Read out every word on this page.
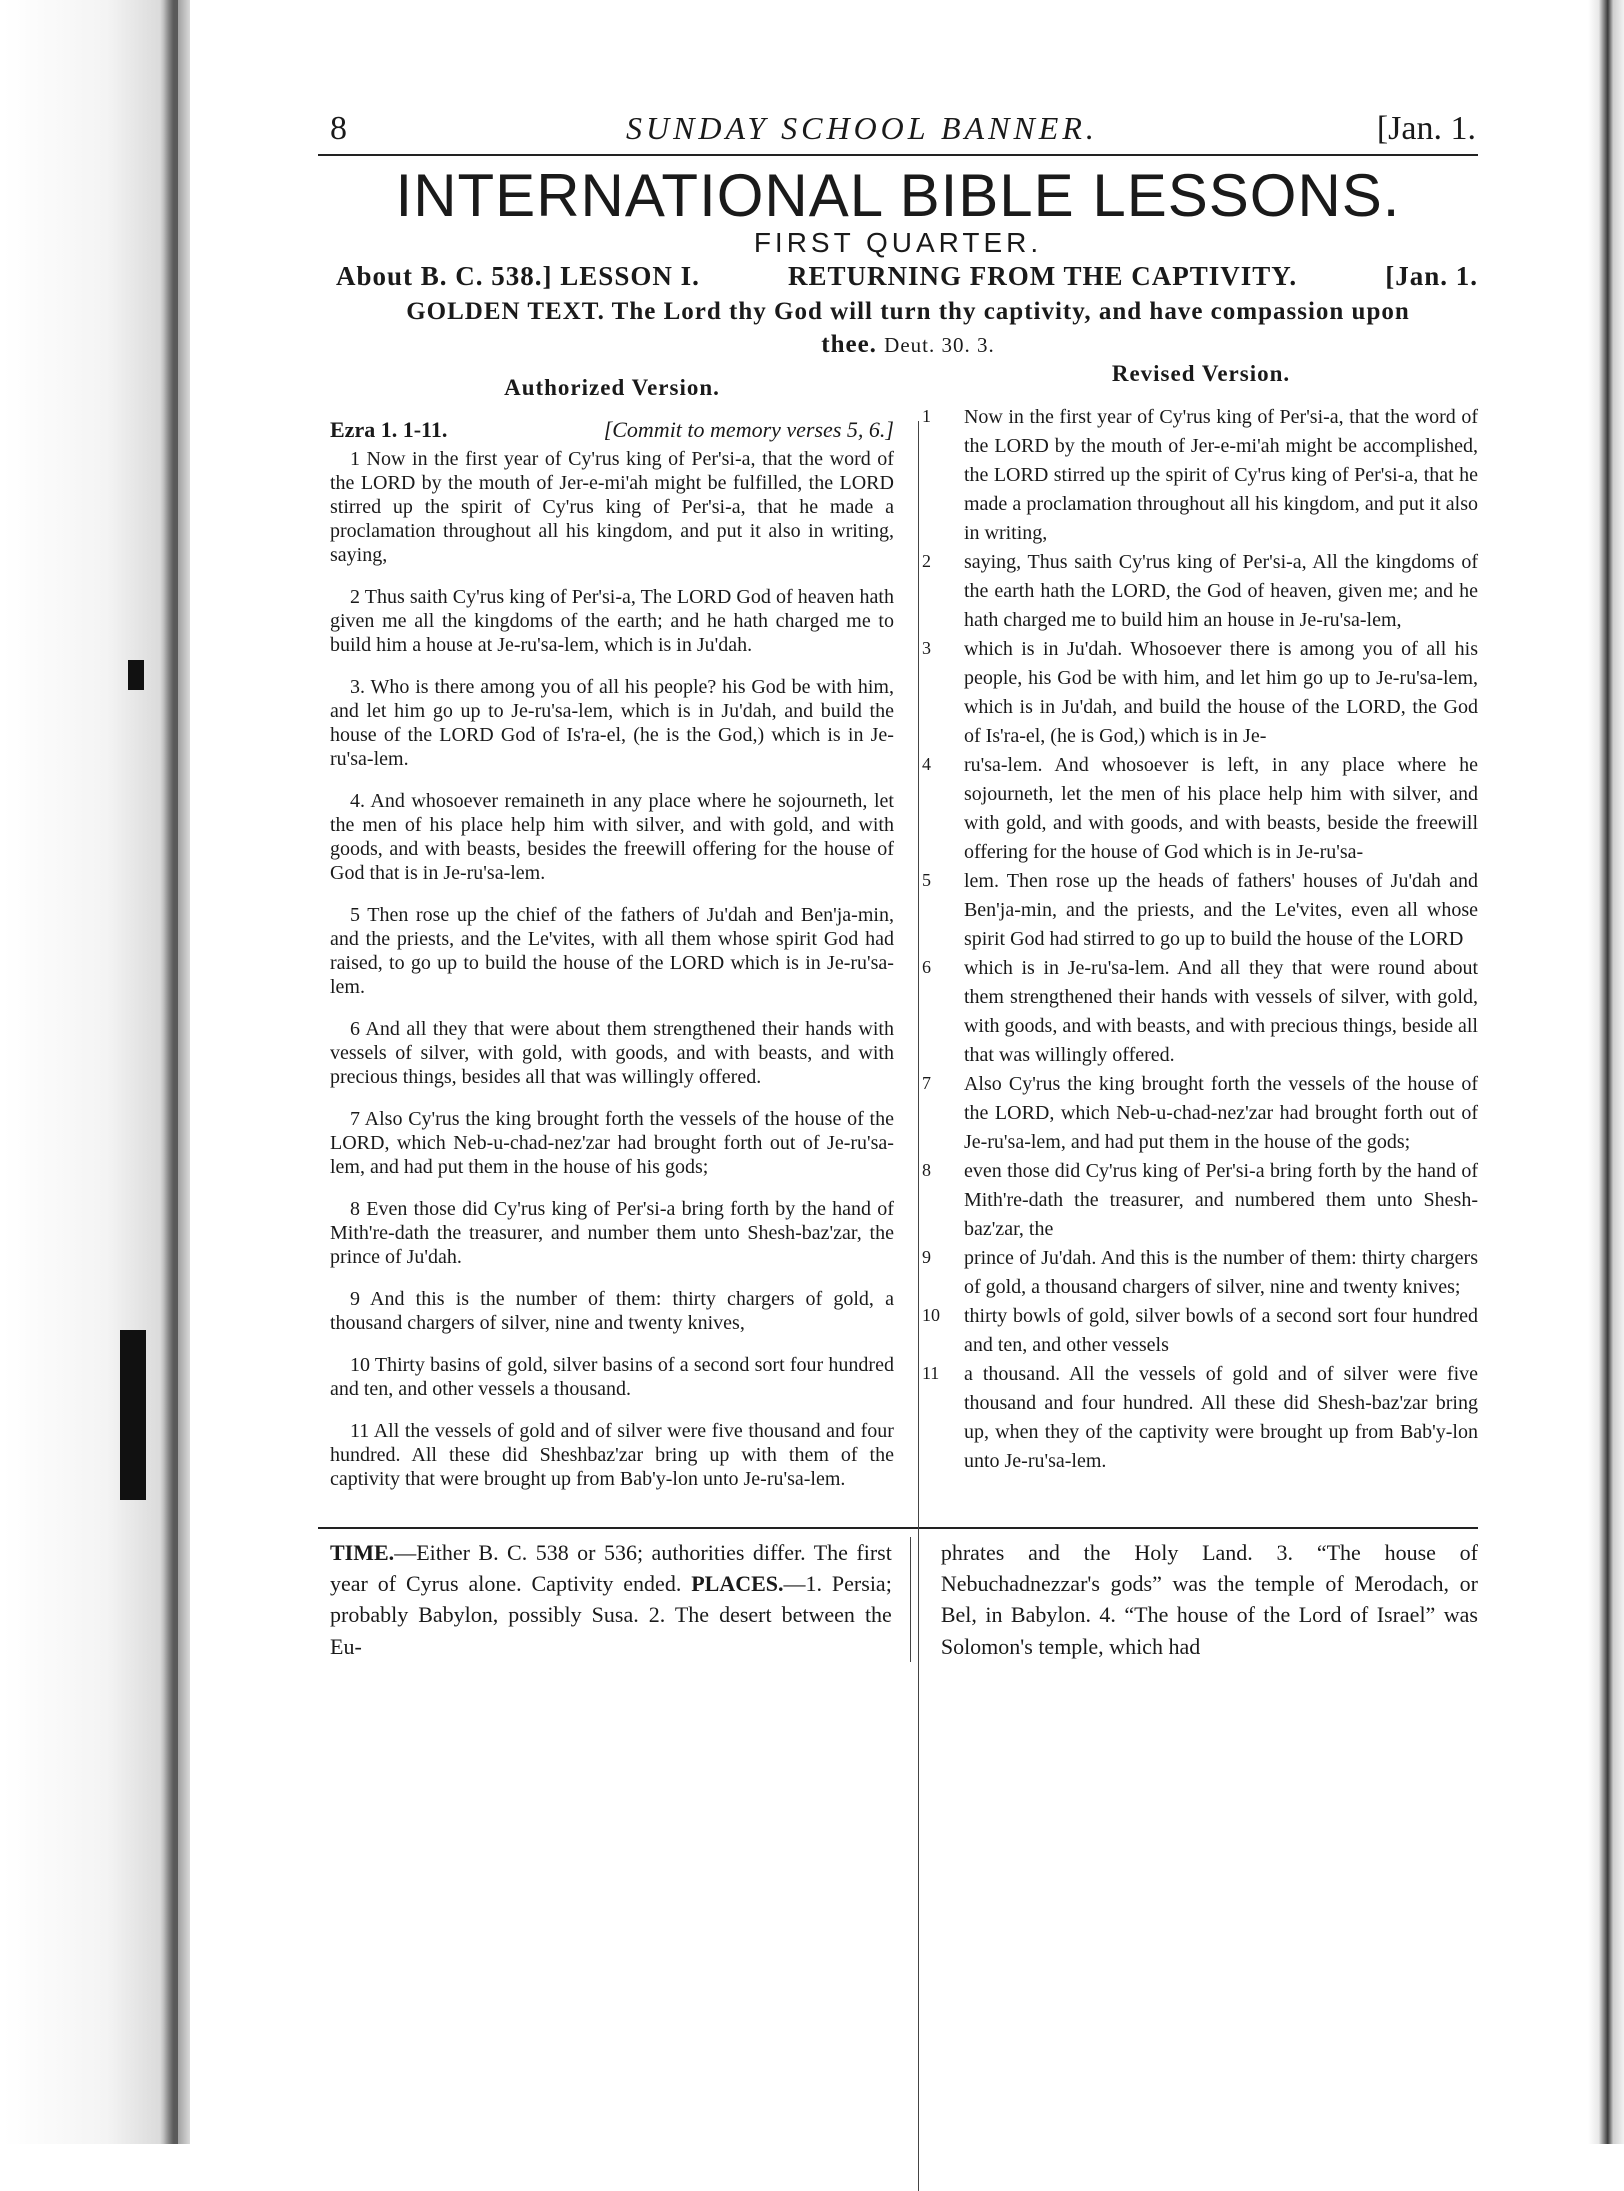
8	SUNDAY SCHOOL BANNER.	[Jan. 1.
INTERNATIONAL BIBLE LESSONS.
FIRST QUARTER.
About B. C. 538.] LESSON I.	RETURNING FROM THE CAPTIVITY.	[Jan. 1.
GOLDEN TEXT. The Lord thy God will turn thy captivity, and have compassion upon thee. Deut. 30. 3.
Authorized Version.
Ezra 1. 1-11.	[Commit to memory verses 5, 6.]

1 Now in the first year of Cy'rus king of Per'si-a, that the word of the LORD by the mouth of Jer-e-mi'ah might be fulfilled, the LORD stirred up the spirit of Cy'rus king of Per'si-a, that he made a proclamation throughout all his kingdom, and put it also in writing, saying,

2 Thus saith Cy'rus king of Per'si-a, The LORD God of heaven hath given me all the kingdoms of the earth; and he hath charged me to build him a house at Je-ru'sa-lem, which is in Ju'dah.

3. Who is there among you of all his people? his God be with him, and let him go up to Je-ru'sa-lem, which is in Ju'dah, and build the house of the LORD God of Is'ra-el, (he is the God,) which is in Je-ru'sa-lem.

4. And whosoever remaineth in any place where he sojourneth, let the men of his place help him with silver, and with gold, and with goods, and with beasts, besides the freewill offering for the house of God that is in Je-ru'sa-lem.

5 Then rose up the chief of the fathers of Ju'dah and Ben'ja-min, and the priests, and the Le'vites, with all them whose spirit God had raised, to go up to build the house of the LORD which is in Je-ru'sa-lem.

6 And all they that were about them strengthened their hands with vessels of silver, with gold, with goods, and with beasts, and with precious things, besides all that was willingly offered.

7 Also Cy'rus the king brought forth the vessels of the house of the LORD, which Neb-u-chad-nez'zar had brought forth out of Je-ru'sa-lem, and had put them in the house of his gods;

8 Even those did Cy'rus king of Per'si-a bring forth by the hand of Mith're-dath the treasurer, and number them unto Shesh-baz'zar, the prince of Ju'dah.

9 And this is the number of them: thirty chargers of gold, a thousand chargers of silver, nine and twenty knives,

10 Thirty basins of gold, silver basins of a second sort four hundred and ten, and other vessels a thousand.

11 All the vessels of gold and of silver were five thousand and four hundred. All these did Sheshbaz'zar bring up with them of the captivity that were brought up from Bab'y-lon unto Je-ru'sa-lem.

Revised Version.
1 Now in the first year of Cy'rus king of Per'si-a, that the word of the LORD by the mouth of Jer-e-mi'ah might be accomplished, the LORD stirred up the spirit of Cy'rus king of Per'si-a, that he made a proclamation throughout all his kingdom, and put it also in writing,
2 saying, Thus saith Cy'rus king of Per'si-a, All the kingdoms of the earth hath the LORD, the God of heaven, given me; and he hath charged me to build him an house in Je-ru'sa-lem,
3 which is in Ju'dah. Whosoever there is among you of all his people, his God be with him, and let him go up to Je-ru'sa-lem, which is in Ju'dah, and build the house of the LORD, the God of Is'ra-el, (he is God,) which is in Je-
4 ru'sa-lem. And whosoever is left, in any place where he sojourneth, let the men of his place help him with silver, and with gold, and with goods, and with beasts, beside the freewill offering for the house of God which is in Je-ru'sa-
5 lem. Then rose up the heads of fathers' houses of Ju'dah and Ben'ja-min, and the priests, and the Le'vites, even all whose spirit God had stirred to go up to build the house of the LORD
6 which is in Je-ru'sa-lem. And all they that were round about them strengthened their hands with vessels of silver, with gold, with goods, and with beasts, and with precious things, beside all that was willingly offered.
7 Also Cy'rus the king brought forth the vessels of the house of the LORD, which Neb-u-chad-nez'zar had brought forth out of Je-ru'sa-lem, and had put them in the house of the gods;
8 even those did Cy'rus king of Per'si-a bring forth by the hand of Mith're-dath the treasurer, and numbered them unto Shesh-baz'zar, the
9 prince of Ju'dah. And this is the number of them: thirty chargers of gold, a thousand chargers of silver, nine and twenty knives;
10 thirty bowls of gold, silver bowls of a second sort four hundred and ten, and other vessels
11 a thousand. All the vessels of gold and of silver were five thousand and four hundred. All these did Shesh-baz'zar bring up, when they of the captivity were brought up from Bab'y-lon unto Je-ru'sa-lem.
TIME.—Either B. C. 538 or 536; authorities differ. The first year of Cyrus alone. Captivity ended. PLACES.—1. Persia; probably Babylon, possibly Susa. 2. The desert between the Eu-
phrates and the Holy Land. 3. “The house of Nebuchadnezzar's gods” was the temple of Merodach, or Bel, in Babylon. 4. “The house of the Lord of Israel” was Solomon's temple, which had
